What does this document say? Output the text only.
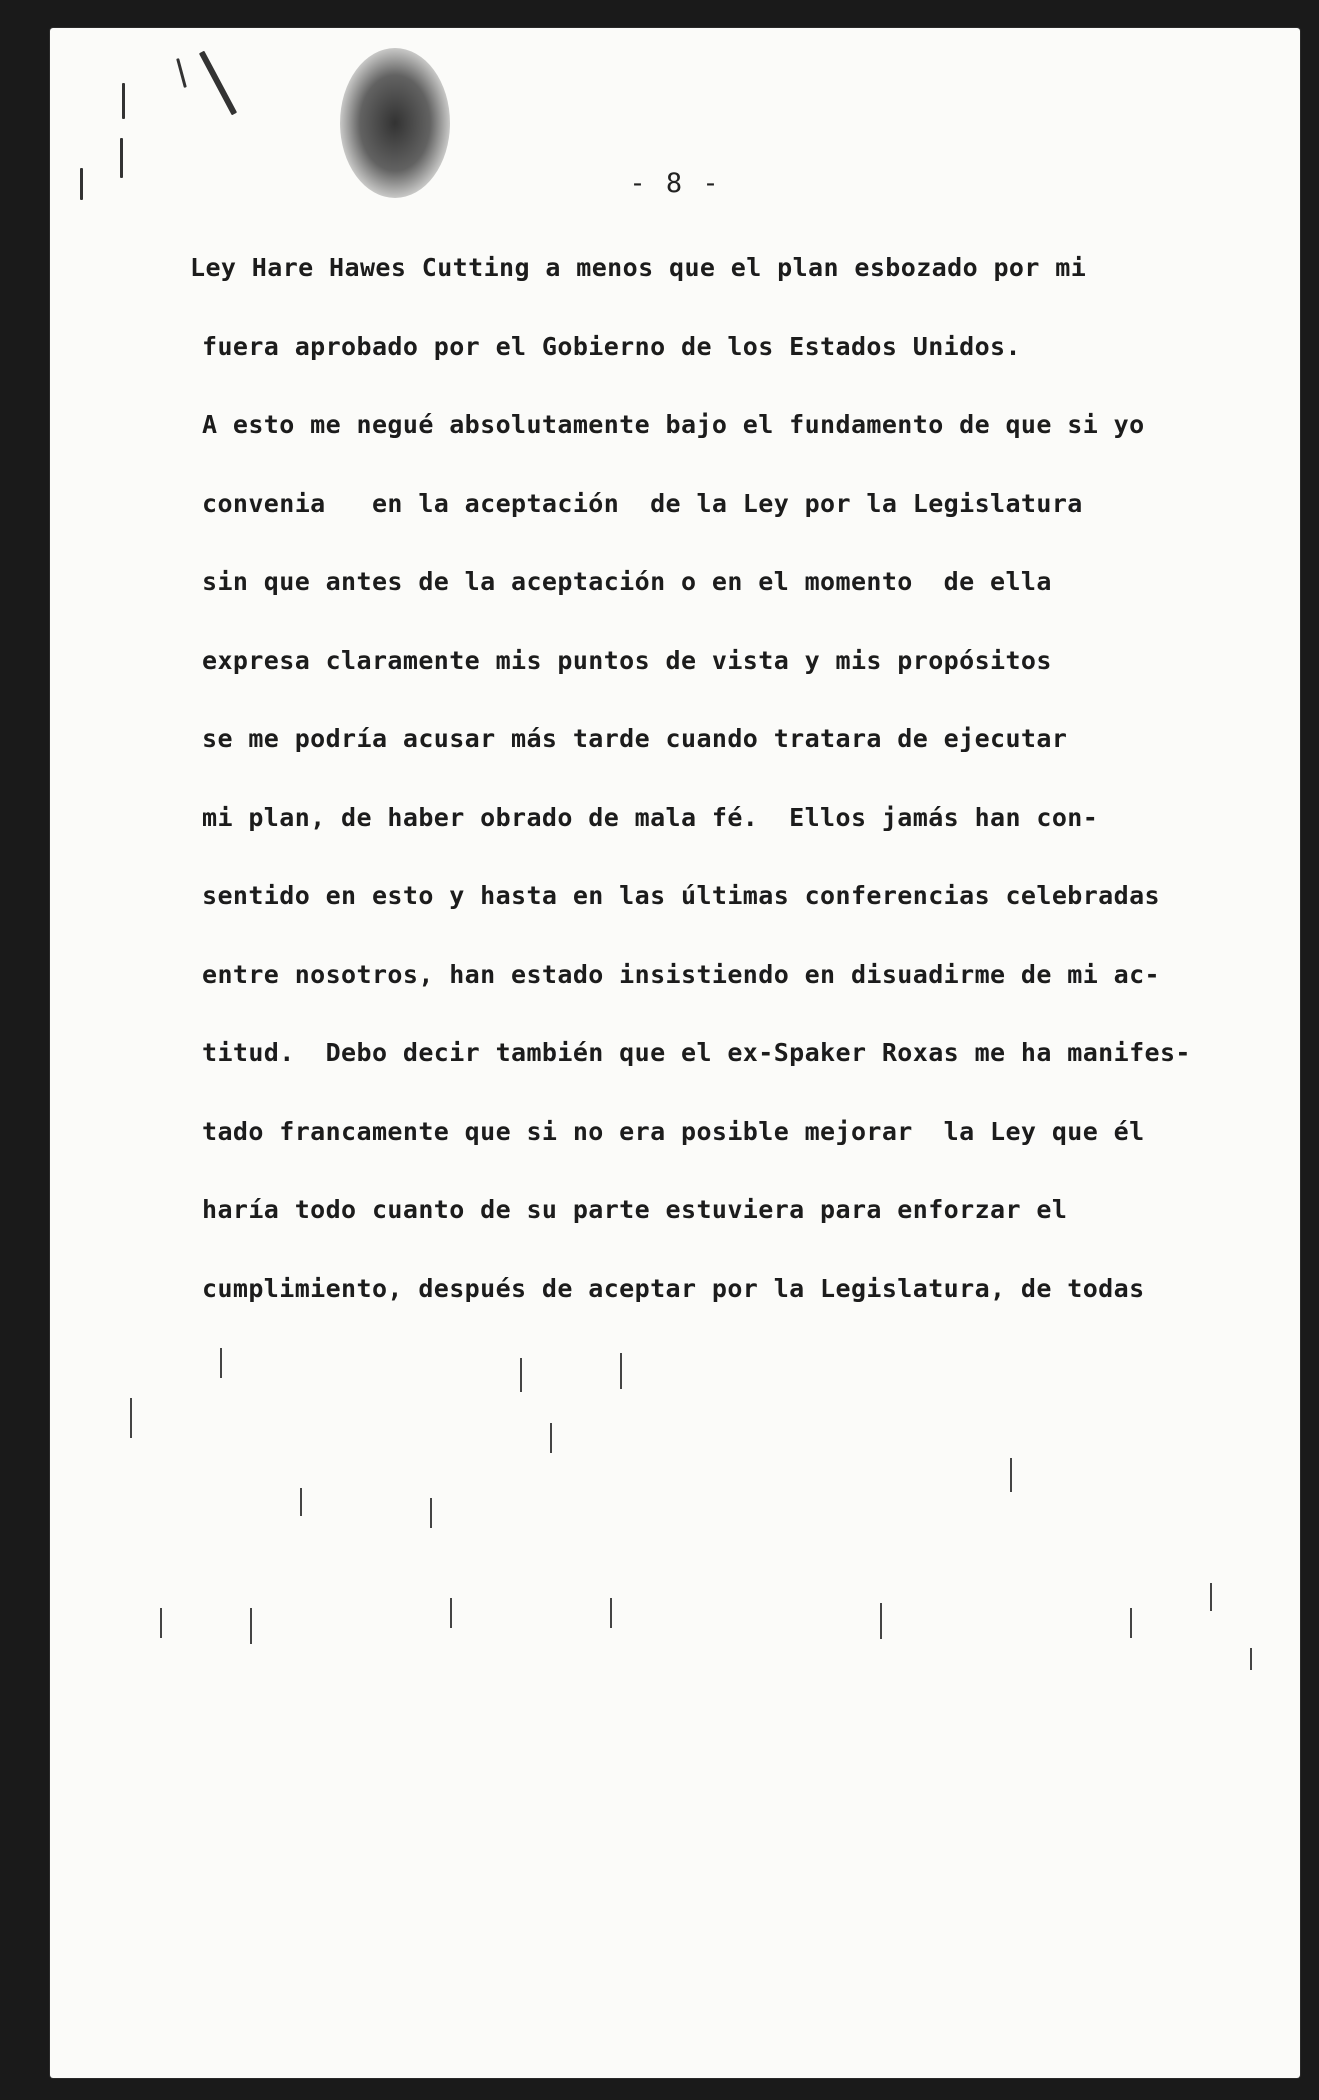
- 8 -
Ley Hare Hawes Cutting a menos que el plan esbozado por mi
fuera aprobado por el Gobierno de los Estados Unidos.
A esto me negué absolutamente bajo el fundamento de que si yo
convenia   en la aceptación  de la Ley por la Legislatura
sin que antes de la aceptación o en el momento  de ella
expresa claramente mis puntos de vista y mis propósitos
se me podría acusar más tarde cuando tratara de ejecutar
mi plan, de haber obrado de mala fé.  Ellos jamás han con-
sentido en esto y hasta en las últimas conferencias celebradas
entre nosotros, han estado insistiendo en disuadirme de mi ac-
titud.  Debo decir también que el ex-Spaker Roxas me ha manifes-
tado francamente que si no era posible mejorar  la Ley que él
haría todo cuanto de su parte estuviera para enforzar el
cumplimiento, después de aceptar por la Legislatura, de todas
